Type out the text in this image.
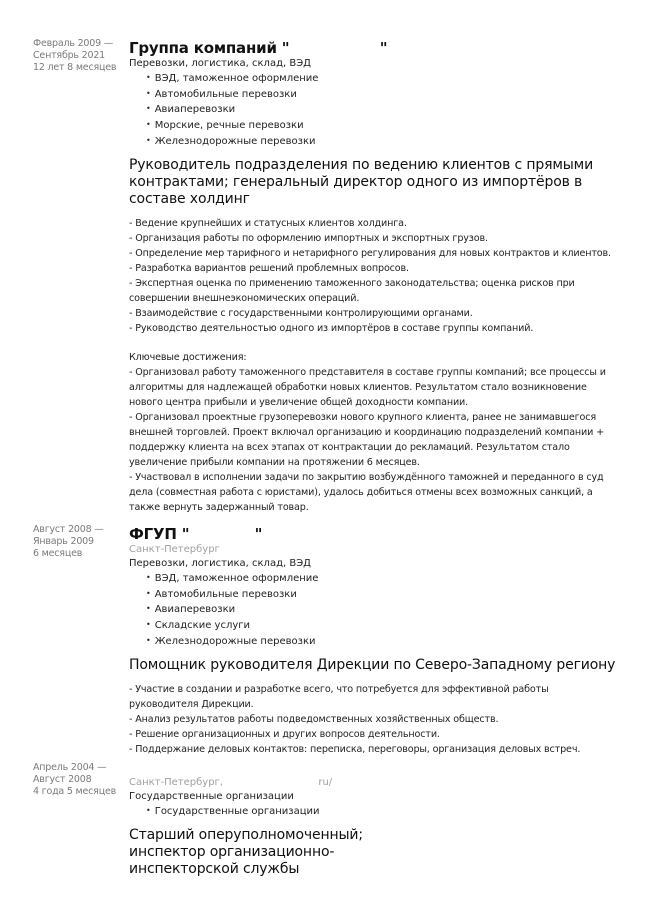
Февраль 2009 —
Сентябрь 2021
12 лет 8 месяцев
Группа компаний "                  "
Перевозки, логистика, склад, ВЭД
• ВЭД, таможенное оформление
• Автомобильные перевозки
• Авиаперевозки
• Морские, речные перевозки
• Железнодорожные перевозки
Руководитель подразделения по ведению клиентов с прямыми контрактами; генеральный директор одного из импортёров в составе холдинг

- Ведение крупнейших и статусных клиентов холдинга.

- Организация работы по оформлению импортных и экспортных грузов.

- Определение мер тарифного и нетарифного регулирования для новых контрактов и клиентов.

- Разработка вариантов решений проблемных вопросов.

- Экспертная оценка по применению таможенного законодательства; оценка рисков при совершении внешнеэкономических операций.

- Взаимодействие с государственными контролирующими органами.

- Руководство деятельностью одного из импортёров в составе группы компаний.

Ключевые достижения:

- Организовал работу таможенного представителя в составе группы компаний; все процессы и алгоритмы для надлежащей обработки новых клиентов. Результатом стало возникновение нового центра прибыли и увеличение общей доходности компании.

- Организовал проектные грузоперевозки нового крупного клиента, ранее не занимавшегося внешней торговлей. Проект включал организацию и координацию подразделений компании + поддержку клиента на всех этапах от контрактации до рекламаций. Результатом стало увеличение прибыли компании на протяжении 6 месяцев.

- Участвовал в исполнении задачи по закрытию возбуждённого таможней и переданного в суд дела (совместная работа с юристами), удалось добиться отмены всех возможных санкций, а также вернуть задержанный товар.

Август 2008 —
Январь 2009
6 месяцев
ФГУП "             "
Санкт-Петербург
Перевозки, логистика, склад, ВЭД
• ВЭД, таможенное оформление
• Автомобильные перевозки
• Авиаперевозки
• Складские услуги
• Железнодорожные перевозки
Помощник руководителя Дирекции по Северо-Западному региону

- Участие в создании и разработке всего, что потребуется для эффективной работы руководителя Дирекции.

- Анализ результатов работы подведомственных хозяйственных обществ.

- Решение организационных и других вопросов деятельности.

- Поддержание деловых контактов: переписка, переговоры, организация деловых встреч.

Апрель 2004 —
Август 2008
4 года 5 месяцев
Санкт-Петербург,                              ru/
Государственные организации
• Государственные организации
Старший оперуполномоченный; инспектор организационно-инспекторской службы
